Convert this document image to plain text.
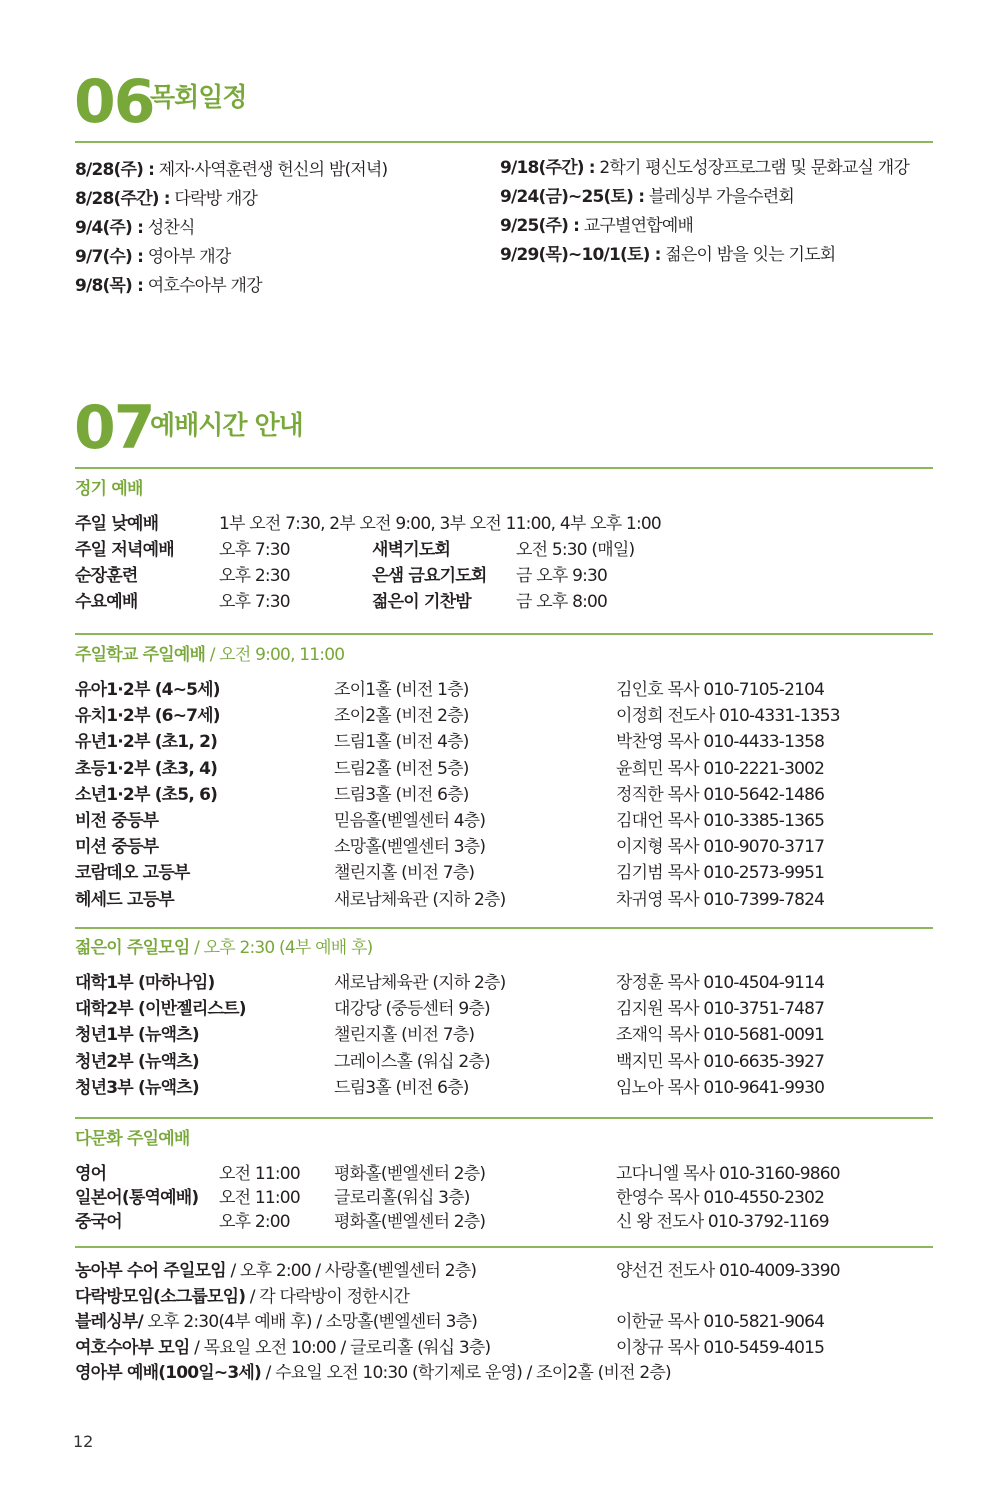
06
목회일정
8/28(주) : 제자·사역훈련생 헌신의 밤(저녁)
8/28(주간) : 다락방 개강
9/4(주) : 성찬식
9/7(수) : 영아부 개강
9/8(목) : 여호수아부 개강
9/18(주간) : 2학기 평신도성장프로그램 및 문화교실 개강
9/24(금)~25(토) : 블레싱부 가을수련회
9/25(주) : 교구별연합예배
9/29(목)~10/1(토) : 젊은이 밤을 잇는 기도회
07
예배시간 안내
정기 예배
주일 낮예배	1부 오전 7:30, 2부 오전 9:00, 3부 오전 11:00, 4부 오후 1:00
주일 저녁예배	오후 7:30	새벽기도회	오전 5:30 (매일)
순장훈련	오후 2:30	은샘 금요기도회 금 오후 9:30
수요예배	오후 7:30	젊은이 기찬밤	금 오후 8:00
주일학교 주일예배 / 오전 9:00, 11:00
유아1·2부 (4~5세)	조이1홀 (비전 1층)	김인호 목사 010-7105-2104
유치1·2부 (6~7세)	조이2홀 (비전 2층)	이정희 전도사 010-4331-1353
유년1·2부 (초1, 2)	드림1홀 (비전 4층)	박찬영 목사 010-4433-1358
초등1·2부 (초3, 4)	드림2홀 (비전 5층)	윤희민 목사 010-2221-3002
소년1·2부 (초5, 6)	드림3홀 (비전 6층)	정직한 목사 010-5642-1486
비전 중등부	믿음홀(벧엘센터 4층)	김대언 목사 010-3385-1365
미션 중등부	소망홀(벧엘센터 3층)	이지형 목사 010-9070-3717
코람데오 고등부	챌린지홀 (비전 7층)	김기범 목사 010-2573-9951
헤세드 고등부	새로남체육관 (지하 2층)	차귀영 목사 010-7399-7824
젊은이 주일모임 / 오후 2:30 (4부 예배 후)
대학1부 (마하나임)	새로남체육관 (지하 2층)	장정훈 목사 010-4504-9114
대학2부 (이반젤리스트)	대강당 (중등센터 9층)	김지원 목사 010-3751-7487
청년1부 (뉴액츠)	챌린지홀 (비전 7층)	조재익 목사 010-5681-0091
청년2부 (뉴액츠)	그레이스홀 (워십 2층)	백지민 목사 010-6635-3927
청년3부 (뉴액츠)	드림3홀 (비전 6층)	임노아 목사 010-9641-9930
다문화 주일예배
영어	오전 11:00 평화홀(벧엘센터 2층)	고다니엘 목사 010-3160-9860
일본어(통역예배) 오전 11:00 글로리홀(워십 3층)	한영수 목사 010-4550-2302
중국어	오후 2:00	평화홀(벧엘센터 2층)	신 왕 전도사 010-3792-1169
농아부 수어 주일모임 / 오후 2:00 / 사랑홀(벧엘센터 2층)	양선건 전도사 010-4009-3390
다락방모임(소그룹모임) / 각 다락방이 정한시간
블레싱부/ 오후 2:30(4부 예배 후) / 소망홀(벧엘센터 3층)	이한균 목사 010-5821-9064
여호수아부 모임 / 목요일 오전 10:00 / 글로리홀 (워십 3층)	이창규 목사 010-5459-4015
영아부 예배(100일~3세) / 수요일 오전 10:30 (학기제로 운영) / 조이2홀 (비전 2층)
12
